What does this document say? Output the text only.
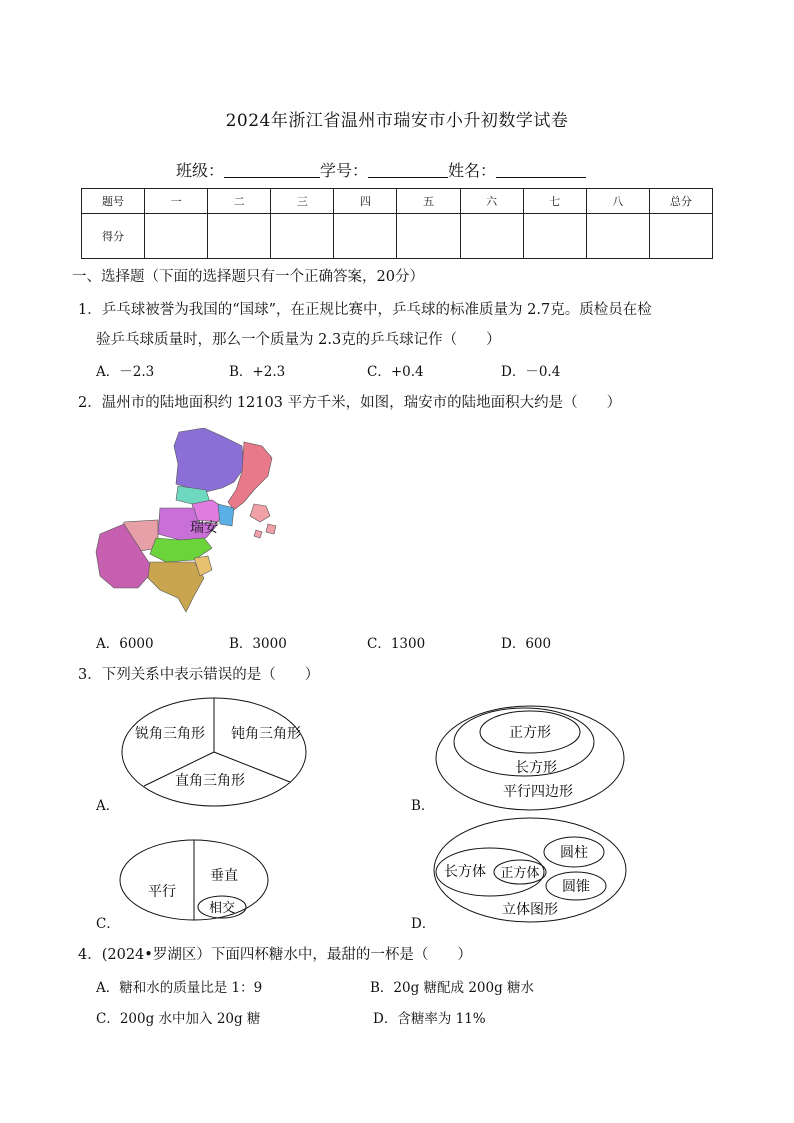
2024年浙江省温州市瑞安市小升初数学试卷
班级：	学号：	姓名：
题号	一	二	三	四	五	六	七	八	总分
得分									
一、选择题（下面的选择题只有一个正确答案，20分）
1．乒乓球被誉为我国的“国球”，在正规比赛中，乒乓球的标准质量为 2.7克。质检员在检
验乒乓球质量时，那么一个质量为 2.3克的乒乓球记作（　　）
A．－2.3	B．+2.3	C．+0.4	D．－0.4
2．温州市的陆地面积约 12103 平方千米，如图，瑞安市的陆地面积大约是（　　）
瑞安
A．6000	B．3000	C．1300	D．600
3．下列关系中表示错误的是（　　）
锐角三角形 钝角三角形
直角三角形
正方形
长方形
平行四边形
平行
垂直
相交
长方体 正方体
圆柱
圆锥
立体图形
A．	B．
C．	D．
4．(2024•罗湖区）下面四杯糖水中，最甜的一杯是（　　）
A．糖和水的质量比是 1：9	B．20g 糖配成 200g 糖水
C．200g 水中加入 20g 糖	D．含糖率为 11%
